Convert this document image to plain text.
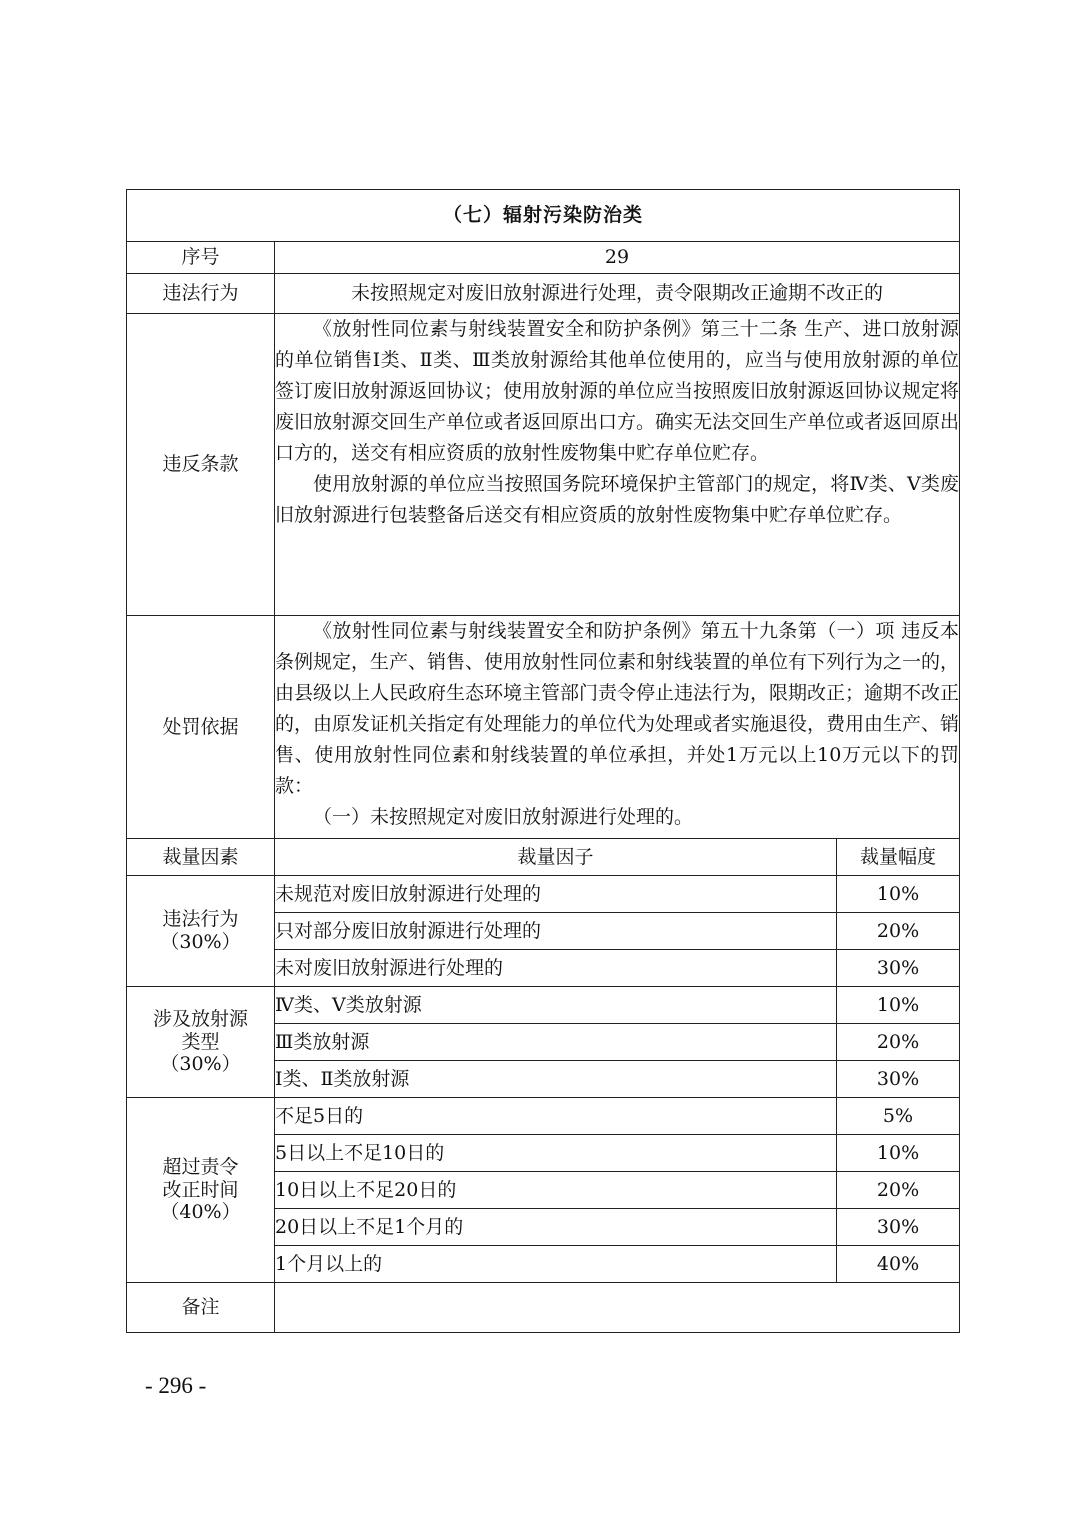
（七）辐射污染防治类		
序号	29	
违法行为	未按照规定对废旧放射源进行处理，责令限期改正逾期不改正的	
违反条款	《放射性同位素与射线装置安全和防护条例》第三十二条 生产、进口放射源的单位销售Ⅰ类、Ⅱ类、Ⅲ类放射源给其他单位使用的，应当与使用放射源的单位签订废旧放射源返回协议；使用放射源的单位应当按照废旧放射源返回协议规定将废旧放射源交回生产单位或者返回原出口方。确实无法交回生产单位或者返回原出口方的，送交有相应资质的放射性废物集中贮存单位贮存。

使用放射源的单位应当按照国务院环境保护主管部门的规定，将Ⅳ类、Ⅴ类废旧放射源进行包装整备后送交有相应资质的放射性废物集中贮存单位贮存。	

处罚依据	《放射性同位素与射线装置安全和防护条例》第五十九条第（一）项 违反本条例规定，生产、销售、使用放射性同位素和射线装置的单位有下列行为之一的，由县级以上人民政府生态环境主管部门责令停止违法行为，限期改正；逾期不改正的，由原发证机关指定有处理能力的单位代为处理或者实施退役，费用由生产、销售、使用放射性同位素和射线装置的单位承担，并处1万元以上10万元以下的罚款：

（一）未按照规定对废旧放射源进行处理的。	

裁量因素	裁量因子	裁量幅度

违法行为
（30%）	未规范对废旧放射源进行处理的	10%
	只对部分废旧放射源进行处理的	20%
	未对废旧放射源进行处理的	30%

涉及放射源
类型
（30%）	Ⅳ类、Ⅴ类放射源	10%
	Ⅲ类放射源	20%
	Ⅰ类、Ⅱ类放射源	30%

超过责令
改正时间
（40%）	不足5日的	5%
	5日以上不足10日的	10%
	10日以上不足20日的	20%
	20日以上不足1个月的	30%
	1个月以上的	40%
备注		
- 296 -
